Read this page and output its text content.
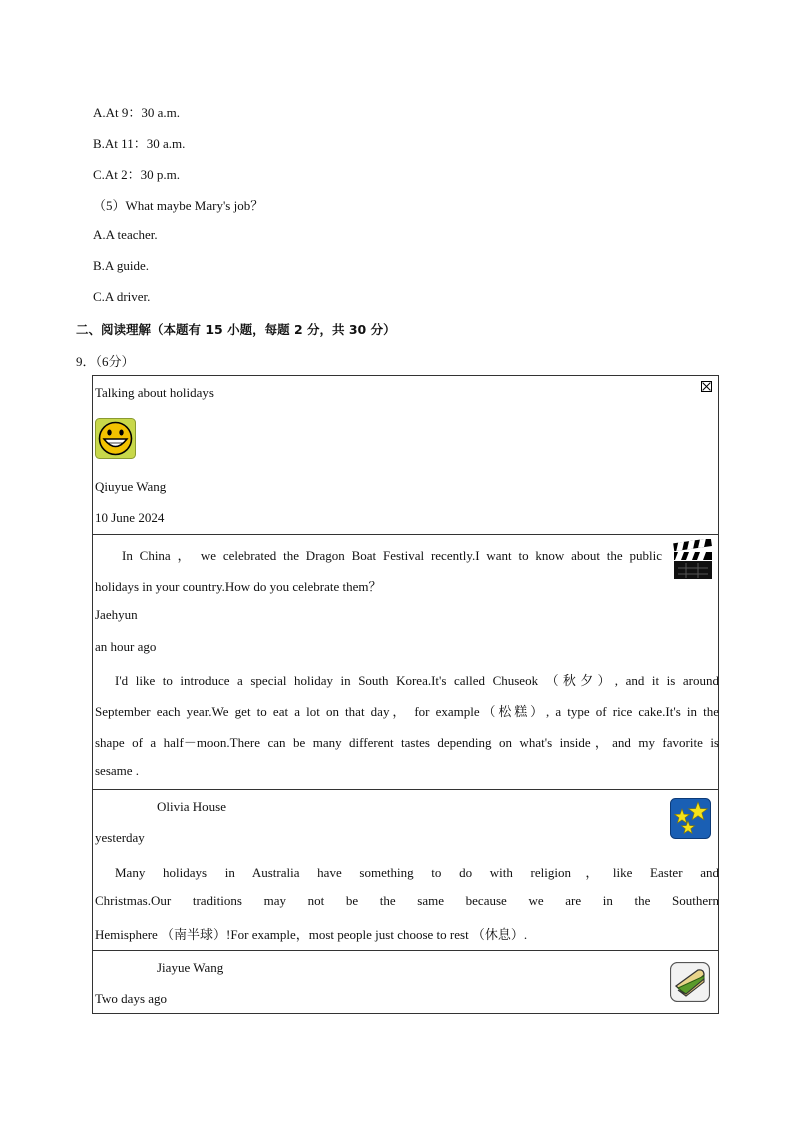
A.At 9：30 a.m.
B.At 11：30 a.m.
C.At 2：30 p.m.
（5）What maybe Mary's job？
A.A teacher.
B.A guide.
C.A driver.
二、阅读理解（本题有 15 小题，每题 2 分，共 30 分）
9．（6分）
Talking about holidays
Qiuyue Wang
10 June 2024
In China ， we celebrated the Dragon Boat Festival recently.I want to know about the public
holidays in your country.How do you celebrate them？
Jaehyun
an hour ago
I'd like to introduce a special holiday in South Korea.It's called Chuseok （秋夕）, and it is around
September each year.We get to eat a lot on that day， for example（松糕）, a type of rice cake.It's in the
shape of a half－moon.There can be many different tastes depending on what's inside，and my favorite is
sesame .
Olivia House
yesterday
Many holidays in Australia have something to do with religion，like Easter and
Christmas.Our traditions may not be the same because we are in the Southern
Hemisphere （南半球）!For example，most people just choose to rest （休息）.
Jiayue Wang
Two days ago
